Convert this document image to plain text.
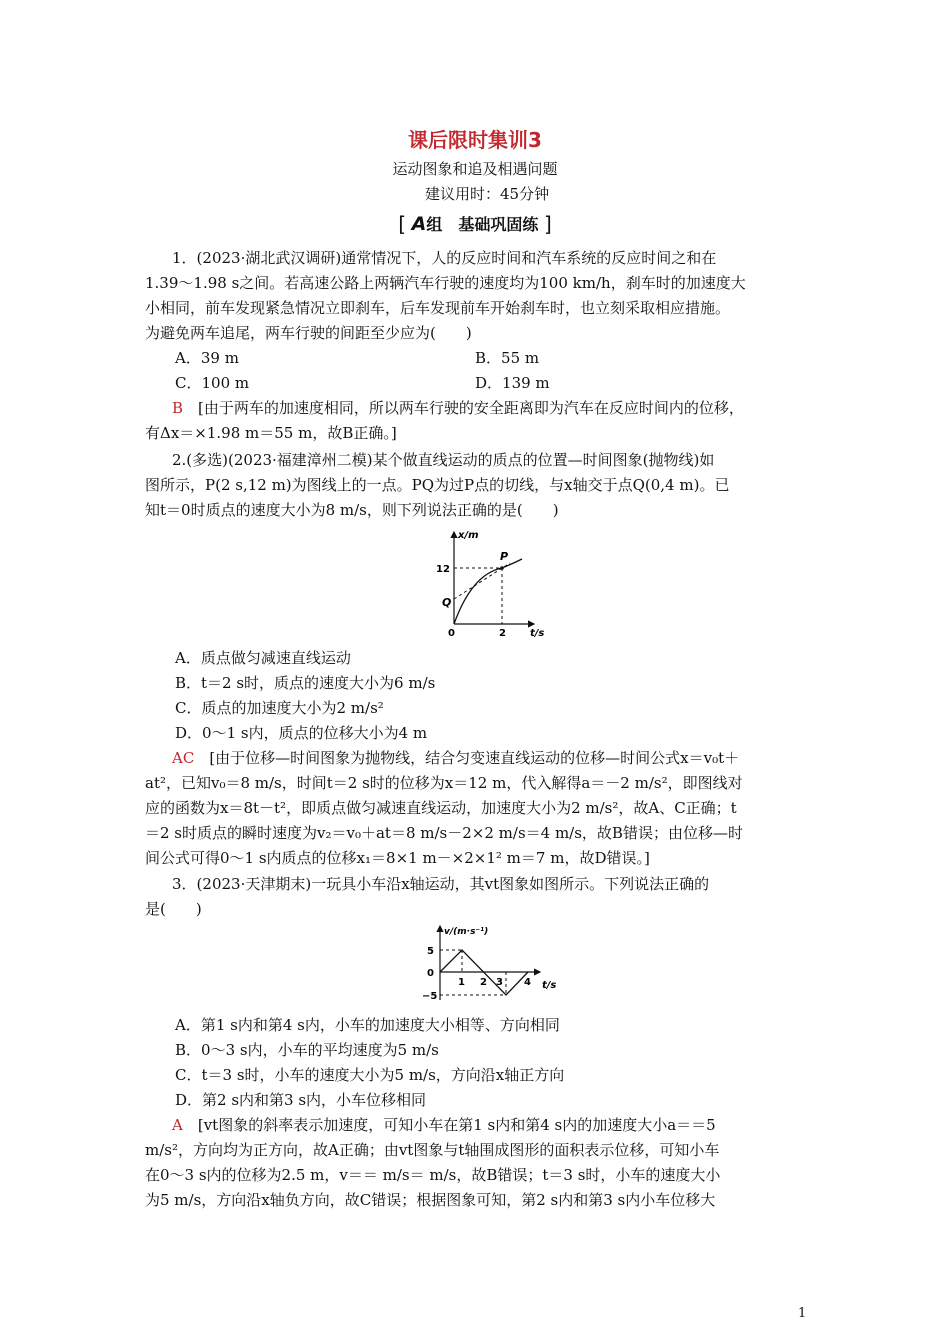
课后限时集训3
运动图象和追及相遇问题
建议用时：45分钟
[ A组　基础巩固练 ]
1．(2023·湖北武汉调研)通常情况下，人的反应时间和汽车系统的反应时间之和在
1.39～1.98 s之间。若高速公路上两辆汽车行驶的速度均为100 km/h，刹车时的加速度大
小相同，前车发现紧急情况立即刹车，后车发现前车开始刹车时，也立刻采取相应措施。
为避免两车追尾，两车行驶的间距至少应为(　　)
A．39 m	B．55 m
C．100 m	D．139 m
B　 [由于两车的加速度相同，所以两车行驶的安全距离即为汽车在反应时间内的位移，
有Δx＝×1.98 m＝55 m，故B正确。]
2.(多选)(2023·福建漳州二模)某个做直线运动的质点的位置—时间图象(抛物线)如
图所示，P(2 s,12 m)为图线上的一点。PQ为过P点的切线，与x轴交于点Q(0,4 m)。已
知t＝0时质点的速度大小为8 m/s，则下列说法正确的是(　　)
x/m
t/s
12
2
0
P
Q
A．质点做匀减速直线运动
B．t＝2 s时，质点的速度大小为6 m/s
C．质点的加速度大小为2 m/s²
D．0～1 s内，质点的位移大小为4 m
AC　 [由于位移—时间图象为抛物线，结合匀变速直线运动的位移—时间公式x＝v₀t＋
at²，已知v₀＝8 m/s，时间t＝2 s时的位移为x＝12 m，代入解得a＝－2 m/s²，即图线对
应的函数为x＝8t－t²，即质点做匀减速直线运动，加速度大小为2 m/s²，故A、C正确；t
＝2 s时质点的瞬时速度为v₂＝v₀＋at＝8 m/s－2×2 m/s＝4 m/s，故B错误；由位移—时
间公式可得0～1 s内质点的位移x₁＝8×1 m－×2×1² m＝7 m，故D错误。]
3．(2023·天津期末)一玩具小车沿x轴运动，其vt图象如图所示。下列说法正确的
是(　　)
v/(m·s⁻¹)
t/s
5
0
−5
1 2 3 4
A．第1 s内和第4 s内，小车的加速度大小相等、方向相同
B．0～3 s内，小车的平均速度为5 m/s
C．t＝3 s时，小车的速度大小为5 m/s，方向沿x轴正方向
D．第2 s内和第3 s内，小车位移相同
A　 [vt图象的斜率表示加速度，可知小车在第1 s内和第4 s内的加速度大小a＝＝5
m/s²，方向均为正方向，故A正确；由vt图象与t轴围成图形的面积表示位移，可知小车
在0～3 s内的位移为2.5 m，v＝＝ m/s＝ m/s，故B错误；t＝3 s时，小车的速度大小
为5 m/s，方向沿x轴负方向，故C错误；根据图象可知，第2 s内和第3 s内小车位移大
1
